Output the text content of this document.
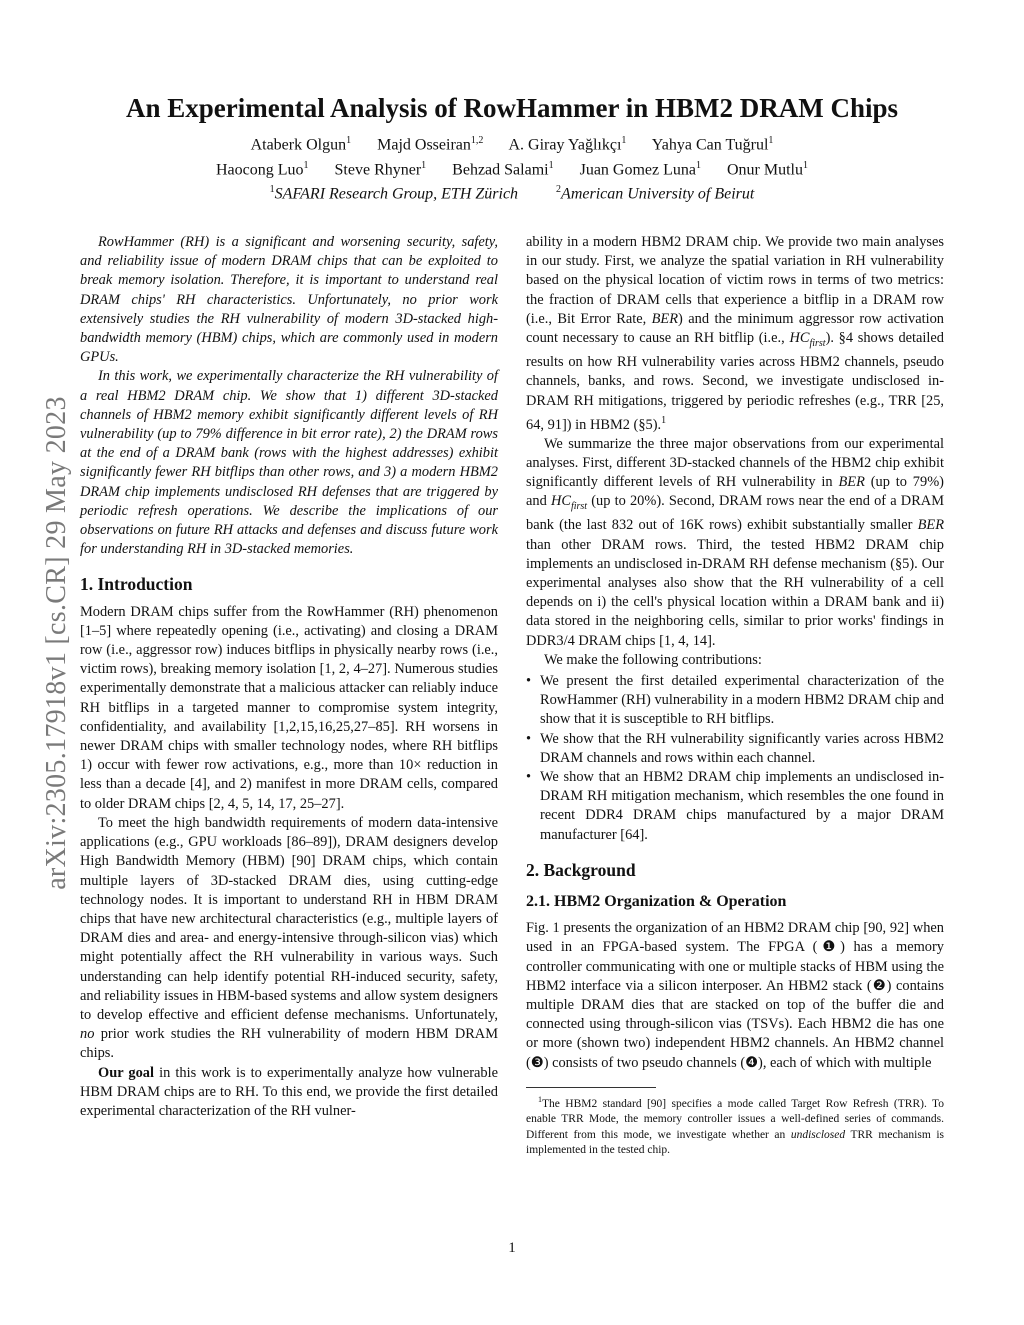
An Experimental Analysis of RowHammer in HBM2 DRAM Chips
Ataberk Olgun$^1$ Majd Osseiran$^{1,2}$ A. Giray Yağlıkçı$^1$ Yahya Can Tuğrul$^1$
Haocong Luo$^1$ Steve Rhyner$^1$ Behzad Salami$^1$ Juan Gomez Luna$^1$ Onur Mutlu$^1$
$^1$SAFARI Research Group, ETH Zürich	$^2$American University of Beirut
arXiv:2305.17918v1 [cs.CR] 29 May 2023

RowHammer (RH) is a significant and worsening security, safety, and reliability issue of modern DRAM chips that can be exploited to break memory isolation. Therefore, it is important to understand real DRAM chips' RH characteristics. Unfortunately, no prior work extensively studies the RH vulnerability of modern 3D-stacked high-bandwidth memory (HBM) chips, which are commonly used in modern GPUs.

In this work, we experimentally characterize the RH vulnerability of a real HBM2 DRAM chip. We show that 1) different 3D-stacked channels of HBM2 memory exhibit significantly different levels of RH vulnerability (up to 79% difference in bit error rate), 2) the DRAM rows at the end of a DRAM bank (rows with the highest addresses) exhibit significantly fewer RH bitflips than other rows, and 3) a modern HBM2 DRAM chip implements undisclosed RH defenses that are triggered by periodic refresh operations. We describe the implications of our observations on future RH attacks and defenses and discuss future work for understanding RH in 3D-stacked memories.

1. Introduction

Modern DRAM chips suffer from the RowHammer (RH) phenomenon [1–5] where repeatedly opening (i.e., activating) and closing a DRAM row (i.e., aggressor row) induces bitflips in physically nearby rows (i.e., victim rows), breaking memory isolation [1, 2, 4–27]. Numerous studies experimentally demonstrate that a malicious attacker can reliably induce RH bitflips in a targeted manner to compromise system integrity, confidentiality, and availability [1,2,15,16,25,27–85]. RH worsens in newer DRAM chips with smaller technology nodes, where RH bitflips 1) occur with fewer row activations, e.g., more than 10× reduction in less than a decade [4], and 2) manifest in more DRAM cells, compared to older DRAM chips [2, 4, 5, 14, 17, 25–27].

To meet the high bandwidth requirements of modern data-intensive applications (e.g., GPU workloads [86–89]), DRAM designers develop High Bandwidth Memory (HBM) [90] DRAM chips, which contain multiple layers of 3D-stacked DRAM dies, using cutting-edge technology nodes. It is important to understand RH in HBM DRAM chips that have new architectural characteristics (e.g., multiple layers of DRAM dies and area- and energy-intensive through-silicon vias) which might potentially affect the RH vulnerability in various ways. Such understanding can help identify potential RH-induced security, safety, and reliability issues in HBM-based systems and allow system designers to develop effective and efficient defense mechanisms. Unfortunately, no prior work studies the RH vulnerability of modern HBM DRAM chips.

Our goal in this work is to experimentally analyze how vulnerable HBM DRAM chips are to RH. To this end, we provide the first detailed experimental characterization of the RH vulner-

ability in a modern HBM2 DRAM chip. We provide two main analyses in our study. First, we analyze the spatial variation in RH vulnerability based on the physical location of victim rows in terms of two metrics: the fraction of DRAM cells that experience a bitflip in a DRAM row (i.e., Bit Error Rate, BER) and the minimum aggressor row activation count necessary to cause an RH bitflip (i.e., $HC_{first}$). §4 shows detailed results on how RH vulnerability varies across HBM2 channels, pseudo channels, banks, and rows. Second, we investigate undisclosed in-DRAM RH mitigations, triggered by periodic refreshes (e.g., TRR [25, 64, 91]) in HBM2 (§5).$^1$

We summarize the three major observations from our experimental analyses. First, different 3D-stacked channels of the HBM2 chip exhibit significantly different levels of RH vulnerability in BER (up to 79%) and $HC_{first}$ (up to 20%). Second, DRAM rows near the end of a DRAM bank (the last 832 out of 16K rows) exhibit substantially smaller BER than other DRAM rows. Third, the tested HBM2 DRAM chip implements an undisclosed in-DRAM RH defense mechanism (§5). Our experimental analyses also show that the RH vulnerability of a cell depends on i) the cell's physical location within a DRAM bank and ii) data stored in the neighboring cells, similar to prior works' findings in DDR3/4 DRAM chips [1, 4, 14].

We make the following contributions:

• We present the first detailed experimental characterization of the RowHammer (RH) vulnerability in a modern HBM2 DRAM chip and show that it is susceptible to RH bitflips.
• We show that the RH vulnerability significantly varies across HBM2 DRAM channels and rows within each channel.
• We show that an HBM2 DRAM chip implements an undisclosed in-DRAM RH mitigation mechanism, which resembles the one found in recent DDR4 DRAM chips manufactured by a major DRAM manufacturer [64].
2. Background
2.1. HBM2 Organization & Operation

Fig. 1 presents the organization of an HBM2 DRAM chip [90, 92] when used in an FPGA-based system. The FPGA (❶) has a memory controller communicating with one or multiple stacks of HBM using the HBM2 interface via a silicon interposer. An HBM2 stack (❷) contains multiple DRAM dies that are stacked on top of the buffer die and connected using through-silicon vias (TSVs). Each HBM2 die has one or more (shown two) independent HBM2 channels. An HBM2 channel (❸) consists of two pseudo channels (❹), each of which with multiple

$^1$The HBM2 standard [90] specifies a mode called Target Row Refresh (TRR). To enable TRR Mode, the memory controller issues a well-defined series of commands. Different from this mode, we investigate whether an undisclosed TRR mechanism is implemented in the tested chip.

1
